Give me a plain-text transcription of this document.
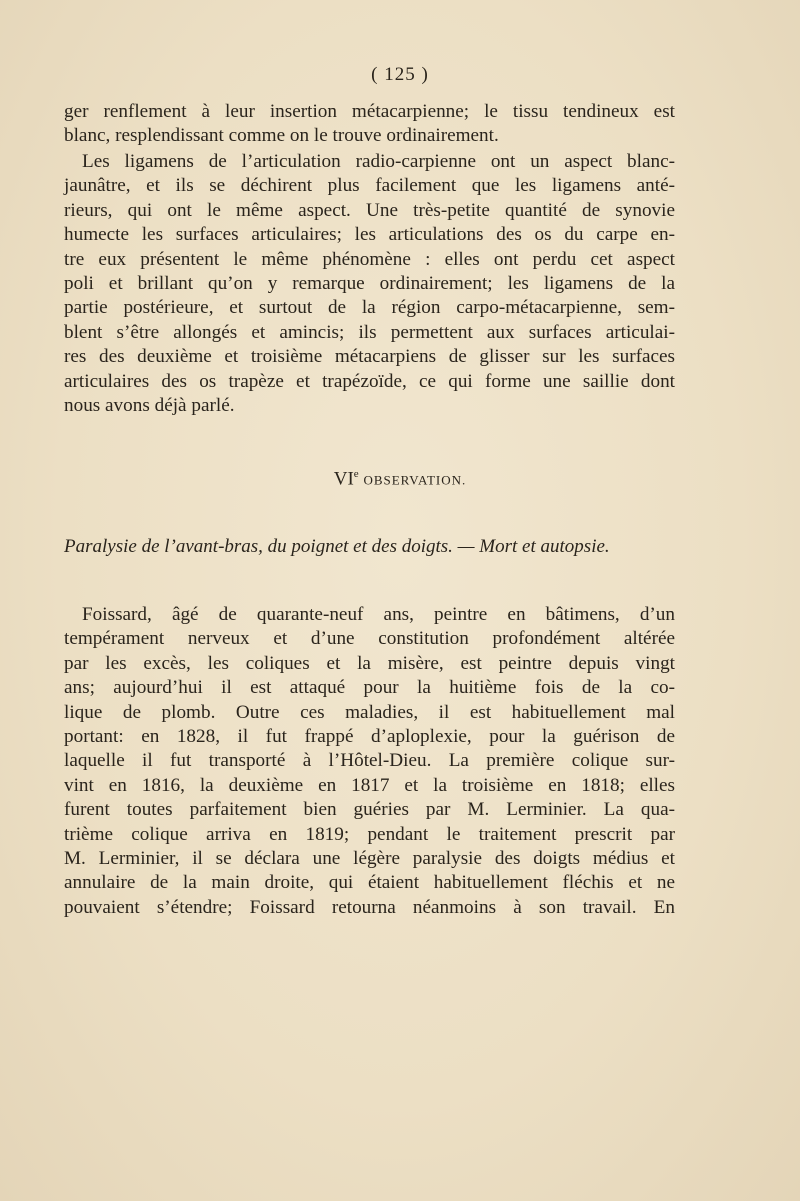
( 125 )
ger renflement à leur insertion métacarpienne; le tissu tendineux est
blanc, resplendissant comme on le trouve ordinairement.
Les ligamens de l’articulation radio-carpienne ont un aspect blanc-
jaunâtre, et ils se déchirent plus facilement que les ligamens anté-
rieurs, qui ont le même aspect. Une très-petite quantité de synovie
humecte les surfaces articulaires; les articulations des os du carpe en-
tre eux présentent le même phénomène : elles ont perdu cet aspect
poli et brillant qu’on y remarque ordinairement; les ligamens de la
partie postérieure, et surtout de la région carpo-métacarpienne, sem-
blent s’être allongés et amincis; ils permettent aux surfaces articulai-
res des deuxième et troisième métacarpiens de glisser sur les surfaces
articulaires des os trapèze et trapézoïde, ce qui forme une saillie dont
nous avons déjà parlé.
VIe OBSERVATION.
Paralysie de l’avant-bras, du poignet et des doigts. — Mort et autopsie.
Foissard, âgé de quarante-neuf ans, peintre en bâtimens, d’un
tempérament nerveux et d’une constitution profondément altérée
par les excès, les coliques et la misère, est peintre depuis vingt
ans; aujourd’hui il est attaqué pour la huitième fois de la co-
lique de plomb. Outre ces maladies, il est habituellement mal
portant: en 1828, il fut frappé d’aploplexie, pour la guérison de
laquelle il fut transporté à l’Hôtel-Dieu. La première colique sur-
vint en 1816, la deuxième en 1817 et la troisième en 1818; elles
furent toutes parfaitement bien guéries par M. Lerminier. La qua-
trième colique arriva en 1819; pendant le traitement prescrit par
M. Lerminier, il se déclara une légère paralysie des doigts médius et
annulaire de la main droite, qui étaient habituellement fléchis et ne
pouvaient s’étendre; Foissard retourna néanmoins à son travail. En
